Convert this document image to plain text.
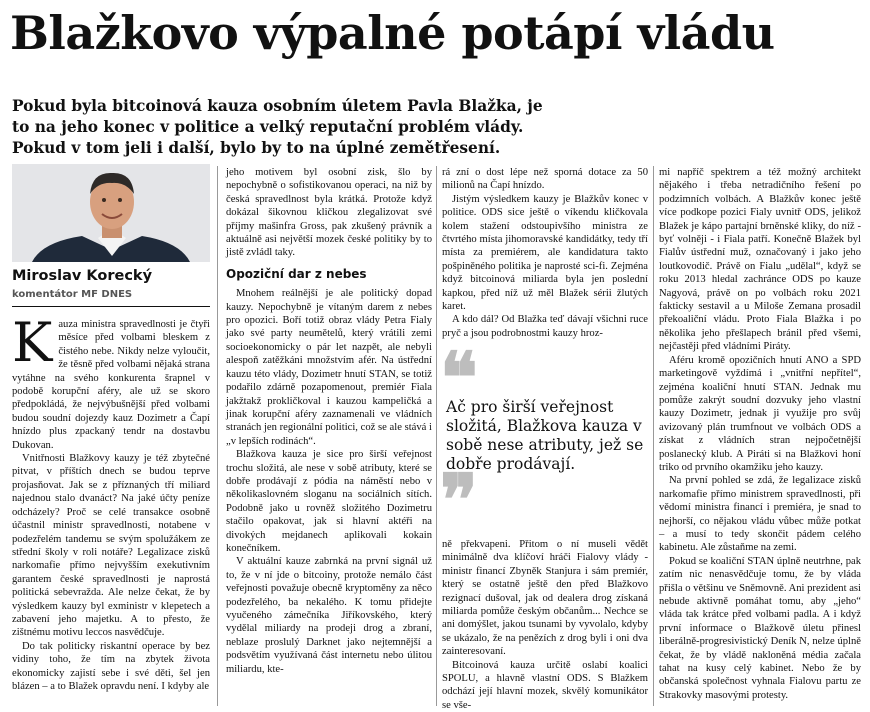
Blažkovo výpalné potápí vládu
Pokud byla bitcoinová kauza osobním úletem Pavla Blažka, je
to na jeho konec v politice a velký reputační problém vlády.
Pokud v tom jeli i další, bylo by to na úplné zemětřesení.
Miroslav Korecký
komentátor MF DNES

Kauza ministra spravedlnosti je čtyři měsíce před volbami bleskem z čistého nebe. Nikdy nelze vyloučit, že těsně před volbami nějaká strana vytáhne na svého konkurenta šrapnel v podobě korupční aféry, ale už se skoro předpokládá, že nejvýbušnější před volbami budou soudní dojezdy kauz Dozimetr a Čapí hnízdo plus zpackaný tendr na dostavbu Dukovan.

Vnitřnosti Blažkovy kauzy je též zbytečné pitvat, v příštích dnech se budou teprve projasňovat. Jak se z příznaných tří miliard najednou stalo dvanáct? Na jaké účty peníze odcházely? Proč se celé transakce osobně účastnil ministr spravedlnosti, notabene v podezřelém tandemu se svým spolužákem ze střední školy v roli notáře? Legalizace zisků narkomafie přímo nejvyšším exekutivním garantem české spravedlnosti je naprostá politická sebevražda. Ale nelze čekat, že by výsledkem kauzy byl exministr v klepetech a zabavení jeho majetku. A to přesto, že zištnému motivu leccos nasvědčuje.

Do tak politicky riskantní operace by bez vidiny toho, že tím na zbytek života ekonomicky zajistí sebe i své děti, šel jen blázen – a to Blažek opravdu není. I kdyby ale

jeho motivem byl osobní zisk, šlo by nepochybně o sofistikovanou operaci, na niž by česká spravedlnost byla krátká. Protože když dokázal šikovnou kličkou zlegalizovat své příjmy mašinfra Gross, pak zkušený právník a aktuálně asi největší mozek české politiky by to jistě zvládl taky.

Opoziční dar z nebes

Mnohem reálnější je ale politický dopad kauzy. Nepochybně je vítaným darem z nebes pro opozici. Boří totiž obraz vlády Petra Fialy jako své party neumětelů, který vrátili zemi socioekonomicky o pár let nazpět, ale nebyli alespoň zatěžkáni množstvím afér. Na ústřední kauzu této vlády, Dozimetr hnutí STAN, se totiž podařilo zdárně pozapomenout, premiér Fiala jakžtakž prokličkoval i kauzou kampeličká a jinak korupční aféry zaznamenali ve vládních stranách jen regionální politici, což se ale stává i „v lepších rodinách“.

Blažkova kauza je sice pro širší veřejnost trochu složitá, ale nese v sobě atributy, které se dobře prodávají z pódia na náměstí nebo v několikaslovném sloganu na sociálních sítích. Podobně jako u rovněž složitého Dozimetru stačilo opakovat, jak si hlavní aktéři na divokých mejdanech aplikovali kokain konečníkem.

V aktuální kauze zabrnká na první signál už to, že v ní jde o bitcoiny, protože nemálo část veřejnosti považuje obecně kryptoměny za něco podezřelého, ba nekalého. K tomu přidejte vyučeného zámečníka Jiříkovského, který vydělal miliardy na prodeji drog a zbraní, neblaze proslulý Darknet jako nejtemnější a podsvětím využívaná část internetu nebo úlitou miliardu, kte-

rá zní o dost lépe než sporná dotace za 50 milionů na Čapí hnízdo.

Jistým výsledkem kauzy je Blažkův konec v politice. ODS sice ještě o víkendu kličkovala kolem stažení odstoupivšího ministra ze čtvrtého místa jihomoravské kandidátky, tedy tří místa za premiérem, ale kandidatura takto pošpiněného politika je naprosté sci-fi. Zejména když bitcoinová miliarda byla jen poslední kapkou, před níž už měl Blažek sérii žlutých karet.

A kdo dál? Od Blažka teď dávají všichni ruce pryč a jsou podrobnostmi kauzy hroz-

❝

Ač pro širší veřejnost složitá, Blažkova kauza v sobě nese atributy, jež se dobře prodávají.

❞

ně překvapeni. Přitom o ní museli vědět minimálně dva klíčoví hráči Fialovy vlády - ministr financí Zbyněk Stanjura i sám premiér, který se ostatně ještě den před Blažkovo rezignací dušoval, jak od dealera drog získaná miliarda pomůže českým občanům... Nechce se ani domýšlet, jakou tsunami by vyvolalo, kdyby se ukázalo, že na penězích z drog byli i oni dva zainteresovaní.

Bitcoinová kauza určitě oslabí koalici SPOLU, a hlavně vlastní ODS. S Blažkem odchází její hlavní mozek, skvělý komunikátor se vše-

mi napříč spektrem a též možný architekt nějakého i třeba netradičního řešení po podzimních volbách. A Blažkův konec ještě více podkope pozici Fialy uvnitř ODS, jelikož Blažek je kápo partajní brněnské kliky, do níž - byť volněji - i Fiala patří. Konečně Blažek byl Fialův ústřední muž, označovaný i jako jeho loutkovodič. Právě on Fialu „udělal“, když se roku 2013 hledal zachránce ODS po kauze Nagyová, právě on po volbách roku 2021 fakticky sestavil a u Miloše Zemana prosadil překoaliční vládu. Proto Fiala Blažka i po několika jeho přešlapech bránil před všemi, nejčastěji před vládními Piráty.

Aféru kromě opozičních hnutí ANO a SPD marketingově vyždímá i „vnitřní nepřítel“, zejména koaliční hnutí STAN. Jednak mu pomůže zakrýt soudní dozvuky jeho vlastní kauzy Dozimetr, jednak ji využije pro svůj avizovaný plán trumfnout ve volbách ODS a získat z vládních stran nejpočetnější poslanecký klub. A Piráti si na Blažkovi honí triko od prvního okamžiku jeho kauzy.

Na první pohled se zdá, že legalizace zisků narkomafie přímo ministrem spravedlnosti, při vědomí ministra financí i premiéra, je snad to nejhorší, co nějakou vládu vůbec může potkat – a musí to tedy skončit pádem celého kabinetu. Ale zůstaňme na zemi.

Pokud se koaliční STAN úplně neutrhne, pak zatím nic nenasvědčuje tomu, že by vláda přišla o většinu ve Sněmovně. Ani prezident asi nebude aktivně pomáhat tomu, aby „jeho“ vláda tak krátce před volbami padla. A i když první informace o Blažkově úletu přinesl liberálně-progresivistický Deník N, nelze úplně čekat, že by vládě nakloněná média začala tahat na kusy celý kabinet. Nebo že by občanská společnost vyhnala Fialovu partu ze Strakovky masovými protesty.
